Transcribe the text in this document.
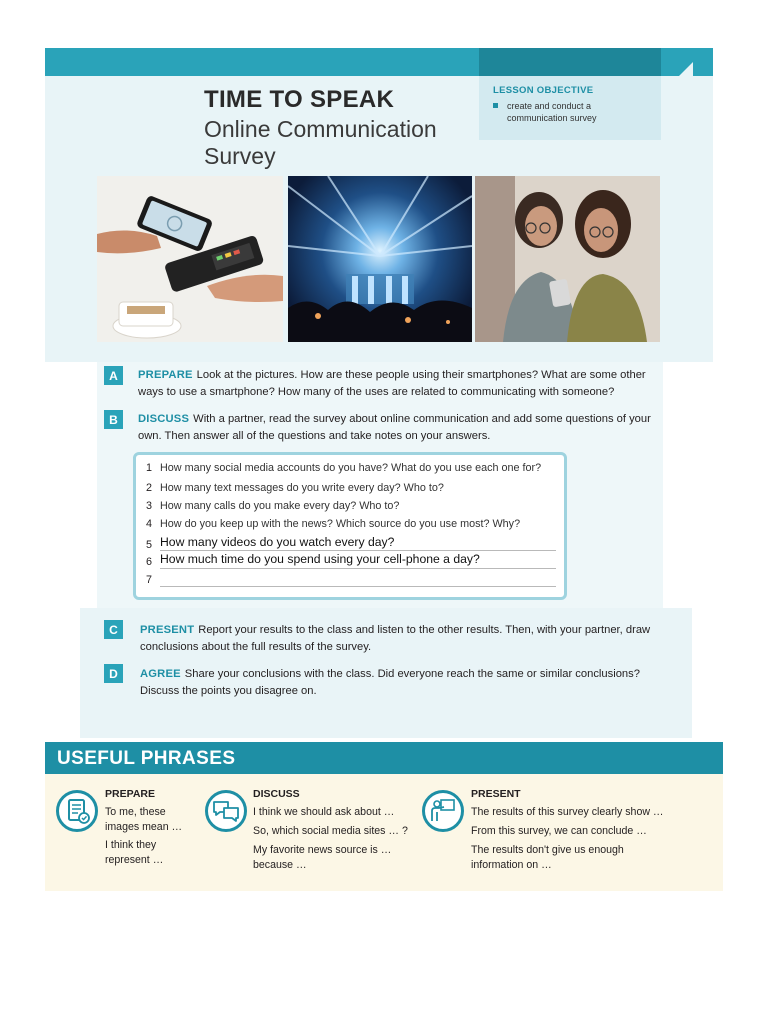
TIME TO SPEAK
Online Communication Survey
LESSON OBJECTIVE
create and conduct a communication survey
A	PREPARE Look at the pictures. How are these people using their smartphones? What are some other ways to use a smartphone? How many of the uses are related to communicating with someone?
B	DISCUSS With a partner, read the survey about online communication and add some questions of your own. Then answer all of the questions and take notes on your answers.
1 How many social media accounts do you have? What do you use each one for?
2 How many text messages do you write every day? Who to?
3 How many calls do you make every day? Who to?
4 How do you keep up with the news? Which source do you use most? Why?
5 How many videos do you watch every day?
6 How much time do you spend using your cell-phone a day?
7
C	PRESENT Report your results to the class and listen to the other results. Then, with your partner, draw conclusions about the full results of the survey.
D	AGREE Share your conclusions with the class. Did everyone reach the same or similar conclusions? Discuss the points you disagree on.
USEFUL PHRASES
PREPARE
To me, these images mean …
I think they represent …
DISCUSS
I think we should ask about …
So, which social media sites … ?
My favorite news source is … because …
PRESENT
The results of this survey clearly show …
From this survey, we can conclude …
The results don't give us enough information on …
